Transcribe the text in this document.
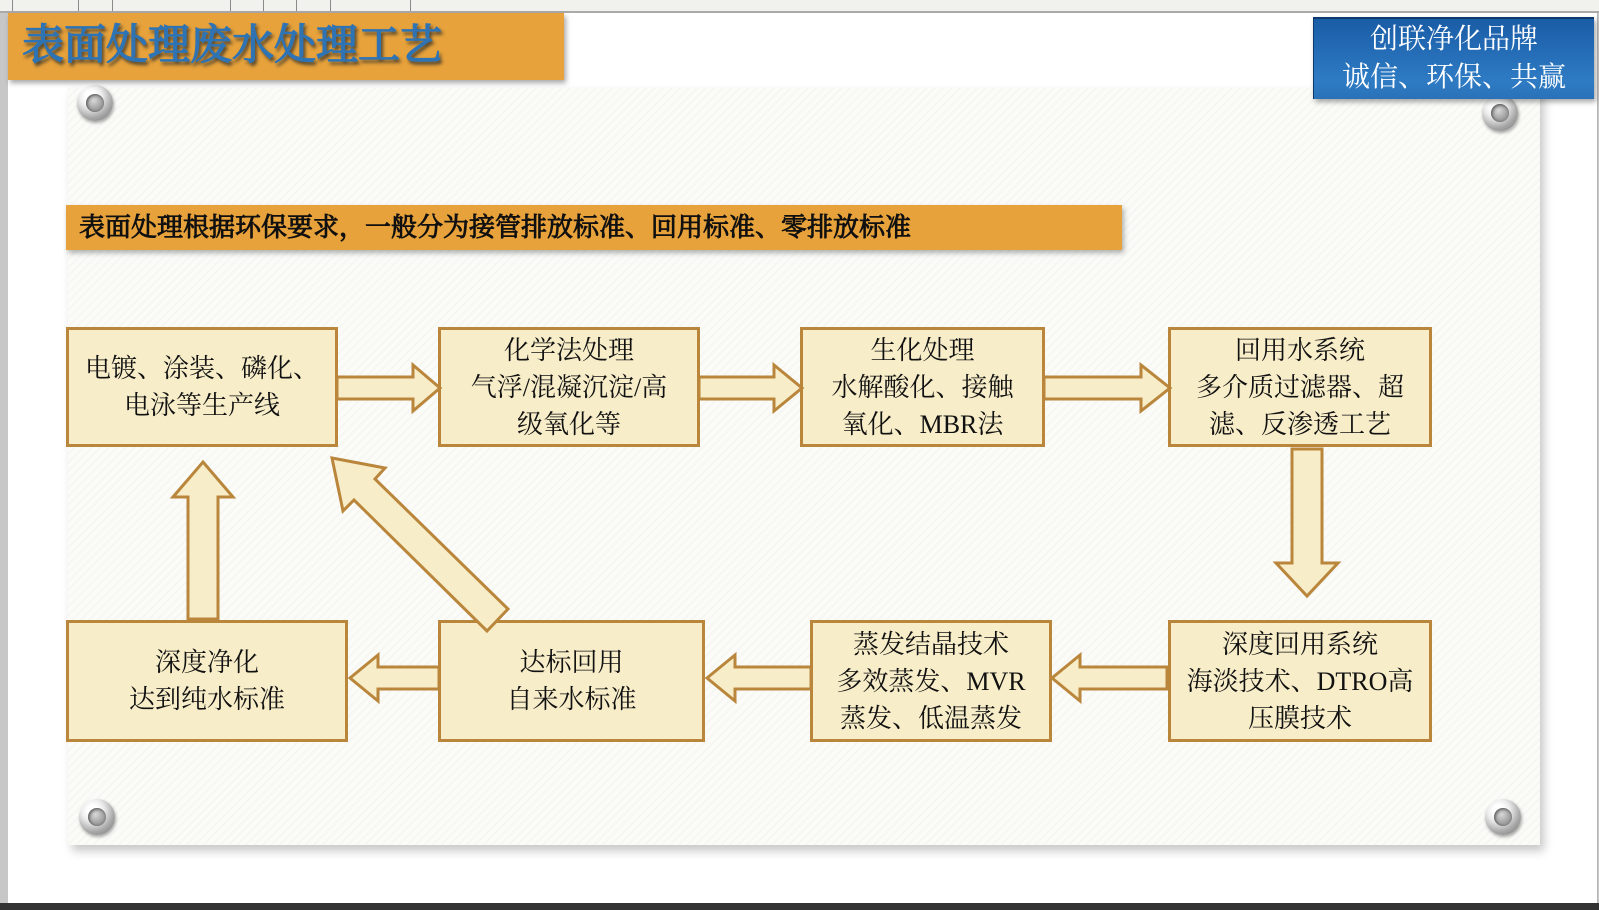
表面处理废水处理工艺	创联净化品牌
诚信、环保、共赢
表面处理根据环保要求，一般分为接管排放标准、回用标准、零排放标准
电镀、涂装、磷化、
电泳等生产线
化学法处理
气浮/混凝沉淀/高
级氧化等
生化处理
水解酸化、接触
氧化、MBR法
回用水系统
多介质过滤器、超
滤、反渗透工艺
深度回用系统
海淡技术、DTRO高
压膜技术
蒸发结晶技术
多效蒸发、MVR
蒸发、低温蒸发
达标回用
自来水标准
深度净化
达到纯水标准
